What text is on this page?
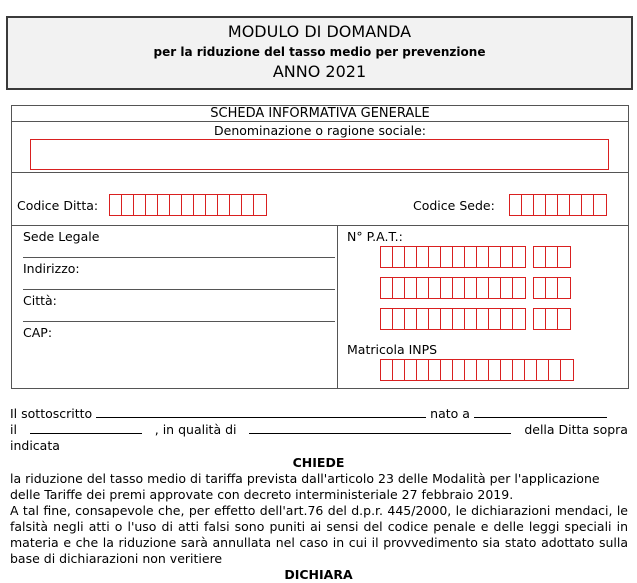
MODULO DI DOMANDA
per la riduzione del tasso medio per prevenzione
ANNO 2021
SCHEDA INFORMATIVA GENERALE
Denominazione o ragione sociale:
Codice Ditta:	Codice Sede:
Sede Legale
Indirizzo:
Città:
CAP:
N° P.A.T.:
Matricola INPS
Il sottoscritto	nato a
il	, in qualità di	della Ditta sopra
indicata
CHIEDE
la riduzione del tasso medio di tariffa prevista dall'articolo 23 delle Modalità per l'applicazione delle Tariffe dei premi approvate con decreto interministeriale 27 febbraio 2019.
A tal fine, consapevole che, per effetto dell'art.76 del d.p.r. 445/2000, le dichiarazioni mendaci, le falsità negli atti o l'uso di atti falsi sono puniti ai sensi del codice penale e delle leggi speciali in materia e che la riduzione sarà annullata nel caso in cui il provvedimento sia stato adottato sulla base di dichiarazioni non veritiere
DICHIARA
